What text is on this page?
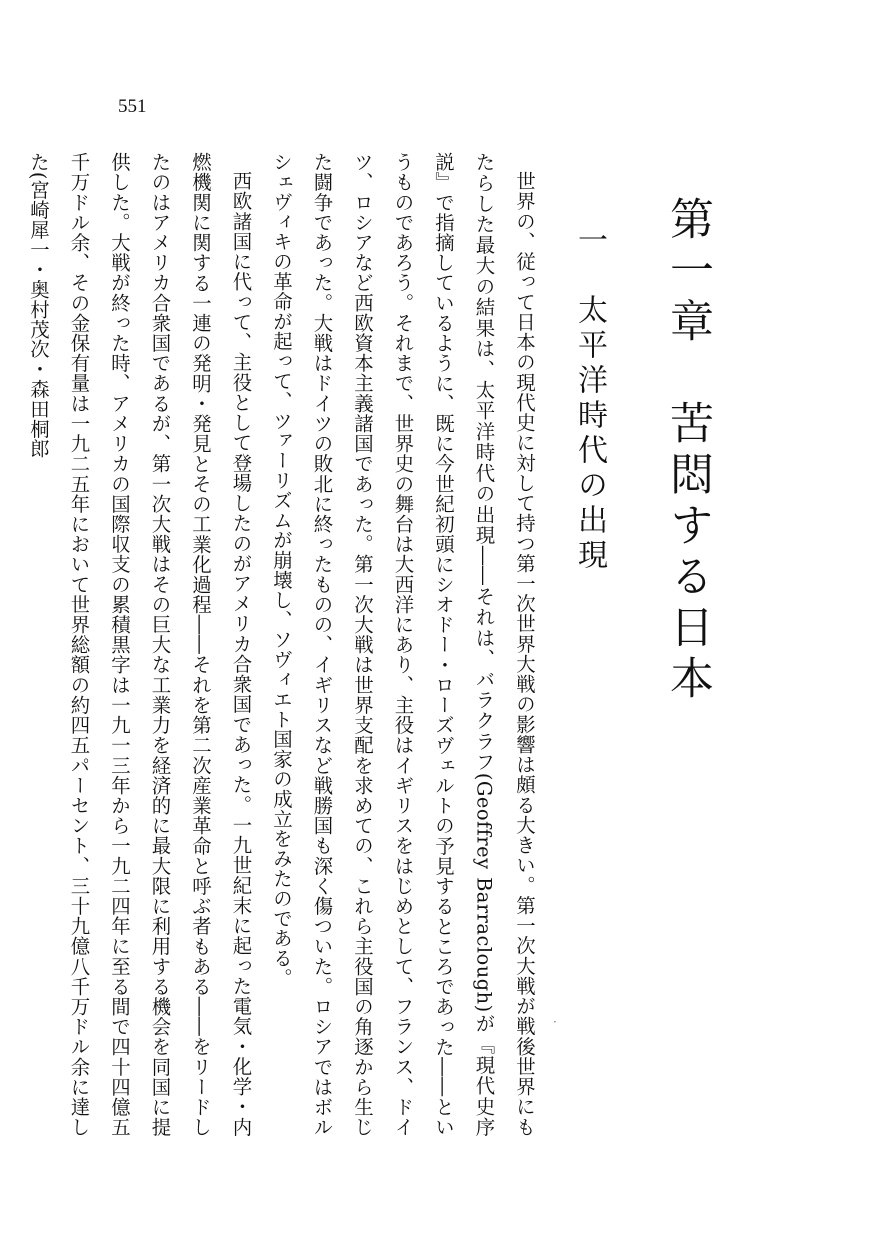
551
第一章　苦悶する日本
一　太平洋時代の出現

世界の、従って日本の現代史に対して持つ第一次世界大戦の影響は頗る大きい。第一次大戦が戦後世界にもたらした最大の結果は、太平洋時代の出現――それは、バラクラフ(Geoffrey Barraclough)が『現代史序説』で指摘しているように、既に今世紀初頭にシオドー・ローズヴェルトの予見するところであった――というものであろう。それまで、世界史の舞台は大西洋にあり、主役はイギリスをはじめとして、フランス、ドイツ、ロシアなど西欧資本主義諸国であった。第一次大戦は世界支配を求めての、これら主役国の角逐から生じた闘争であった。大戦はドイツの敗北に終ったものの、イギリスなど戦勝国も深く傷ついた。ロシアではボルシェヴィキの革命が起って、ツァーリズムが崩壊し、ソヴィエト国家の成立をみたのである。

西欧諸国に代って、主役として登場したのがアメリカ合衆国であった。一九世紀末に起った電気・化学・内燃機関に関する一連の発明・発見とその工業化過程――それを第二次産業革命と呼ぶ者もある――をリードしたのはアメリカ合衆国であるが、第一次大戦はその巨大な工業力を経済的に最大限に利用する機会を同国に提供した。大戦が終った時、アメリカの国際収支の累積黒字は一九一三年から一九二四年に至る間で四十四億五千万ドル余、その金保有量は一九二五年において世界総額の約四五パーセント、三十九億八千万ドル余に達した(宮崎犀一・奥村茂次・森田桐郎

·
